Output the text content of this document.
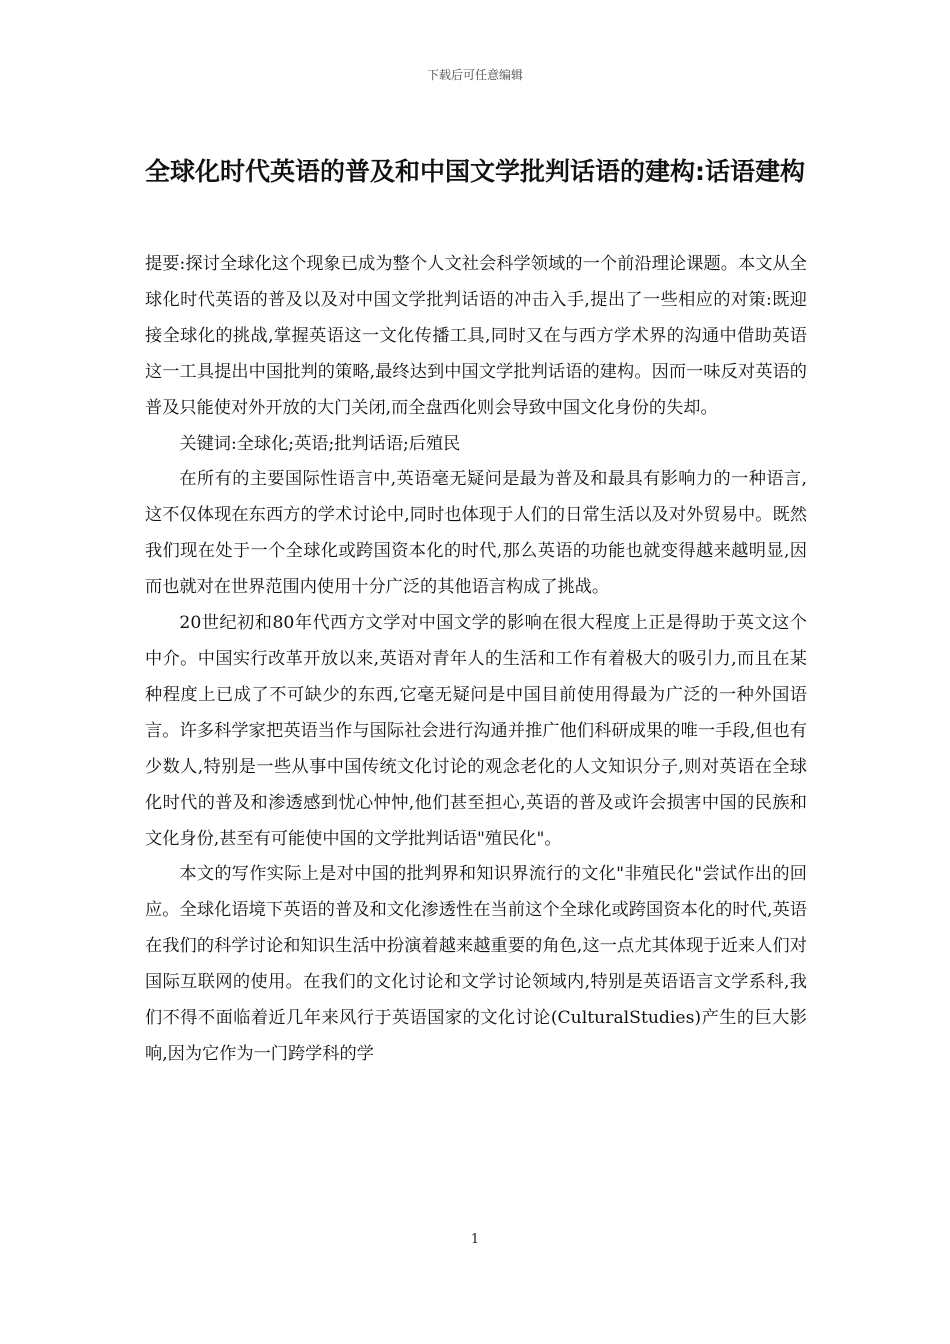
下载后可任意编辑
全球化时代英语的普及和中国文学批判话语的建构:话语建构

提要:探讨全球化这个现象已成为整个人文社会科学领域的一个前沿理论课题。本文从全球化时代英语的普及以及对中国文学批判话语的冲击入手,提出了一些相应的对策:既迎接全球化的挑战,掌握英语这一文化传播工具,同时又在与西方学术界的沟通中借助英语这一工具提出中国批判的策略,最终达到中国文学批判话语的建构。因而一味反对英语的普及只能使对外开放的大门关闭,而全盘西化则会导致中国文化身份的失却。

关键词:全球化;英语;批判话语;后殖民

在所有的主要国际性语言中,英语毫无疑问是最为普及和最具有影响力的一种语言,这不仅体现在东西方的学术讨论中,同时也体现于人们的日常生活以及对外贸易中。既然我们现在处于一个全球化或跨国资本化的时代,那么英语的功能也就变得越来越明显,因而也就对在世界范围内使用十分广泛的其他语言构成了挑战。

20世纪初和80年代西方文学对中国文学的影响在很大程度上正是得助于英文这个中介。中国实行改革开放以来,英语对青年人的生活和工作有着极大的吸引力,而且在某种程度上已成了不可缺少的东西,它毫无疑问是中国目前使用得最为广泛的一种外国语言。许多科学家把英语当作与国际社会进行沟通并推广他们科研成果的唯一手段,但也有少数人,特别是一些从事中国传统文化讨论的观念老化的人文知识分子,则对英语在全球化时代的普及和渗透感到忧心忡忡,他们甚至担心,英语的普及或许会损害中国的民族和文化身份,甚至有可能使中国的文学批判话语"殖民化"。

本文的写作实际上是对中国的批判界和知识界流行的文化"非殖民化"尝试作出的回应。全球化语境下英语的普及和文化渗透性在当前这个全球化或跨国资本化的时代,英语在我们的科学讨论和知识生活中扮演着越来越重要的角色,这一点尤其体现于近来人们对国际互联网的使用。在我们的文化讨论和文学讨论领域内,特别是英语语言文学系科,我们不得不面临着近几年来风行于英语国家的文化讨论(CulturalStudies)产生的巨大影响,因为它作为一门跨学科的学

1
